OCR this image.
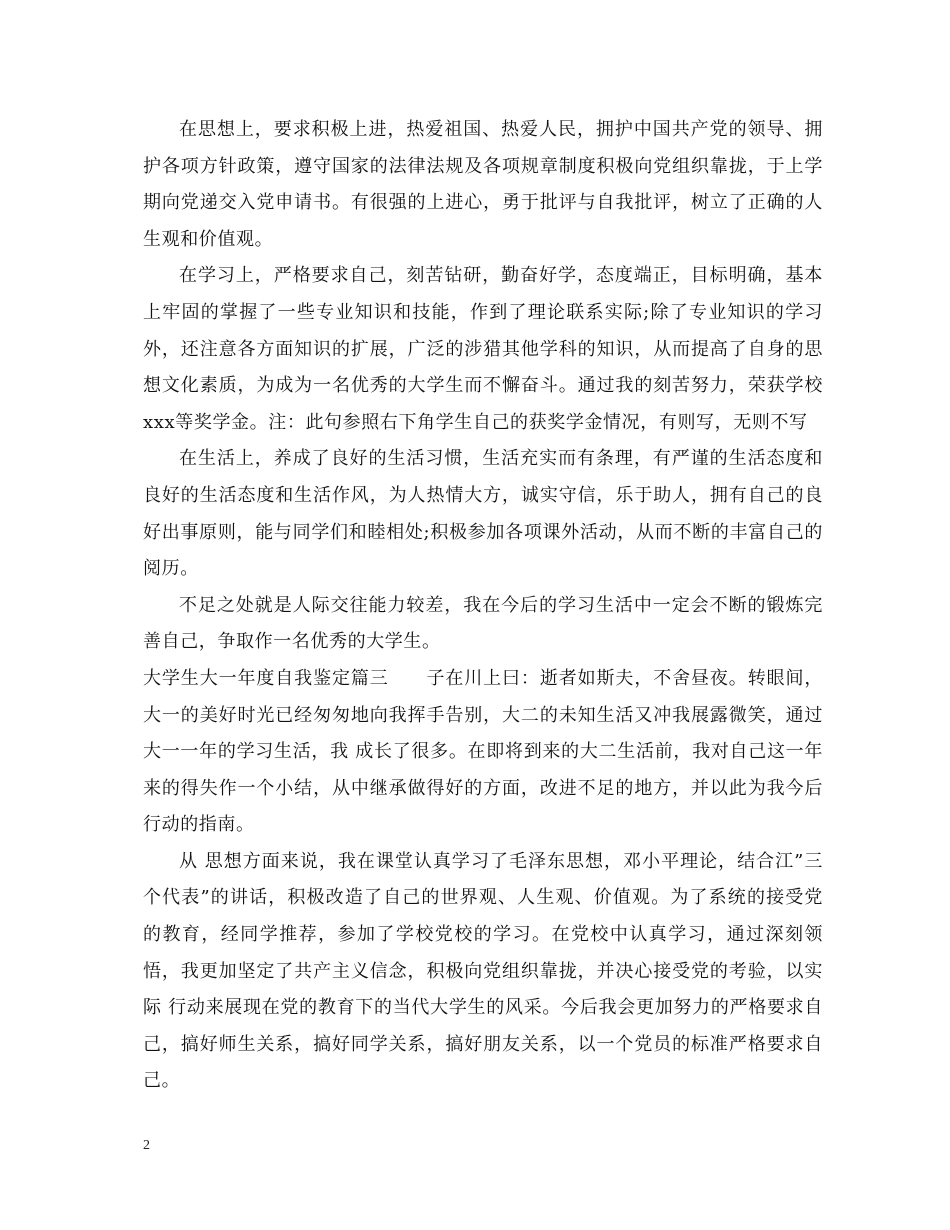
在思想上，要求积极上进，热爱祖国、热爱人民，拥护中国共产党的领导、拥护各项方针政策，遵守国家的法律法规及各项规章制度积极向党组织靠拢，于上学期向党递交入党申请书。有很强的上进心，勇于批评与自我批评，树立了正确的人生观和价值观。

在学习上，严格要求自己，刻苦钻研，勤奋好学，态度端正，目标明确，基本上牢固的掌握了一些专业知识和技能，作到了理论联系实际;除了专业知识的学习外，还注意各方面知识的扩展，广泛的涉猎其他学科的知识，从而提高了自身的思想文化素质，为成为一名优秀的大学生而不懈奋斗。通过我的刻苦努力，荣获学校xxx等奖学金。注：此句参照右下角学生自己的获奖学金情况，有则写，无则不写

在生活上，养成了良好的生活习惯，生活充实而有条理，有严谨的生活态度和良好的生活态度和生活作风，为人热情大方，诚实守信，乐于助人，拥有自己的良好出事原则，能与同学们和睦相处;积极参加各项课外活动，从而不断的丰富自己的阅历。

不足之处就是人际交往能力较差，我在今后的学习生活中一定会不断的锻炼完善自己，争取作一名优秀的大学生。

大学生大一年度自我鉴定篇三　　子在川上曰：逝者如斯夫，不舍昼夜。转眼间，大一的美好时光已经匆匆地向我挥手告别，大二的未知生活又冲我展露微笑，通过大一一年的学习生活，我 成长了很多。在即将到来的大二生活前，我对自己这一年来的得失作一个小结，从中继承做得好的方面，改进不足的地方，并以此为我今后行动的指南。

从 思想方面来说，我在课堂认真学习了毛泽东思想，邓小平理论，结合江”三个代表”的讲话，积极改造了自己的世界观、人生观、价值观。为了系统的接受党 的教育，经同学推荐，参加了学校党校的学习。在党校中认真学习，通过深刻领悟，我更加坚定了共产主义信念，积极向党组织靠拢，并决心接受党的考验，以实际 行动来展现在党的教育下的当代大学生的风采。今后我会更加努力的严格要求自己，搞好师生关系，搞好同学关系，搞好朋友关系，以一个党员的标准严格要求自 己。

2
